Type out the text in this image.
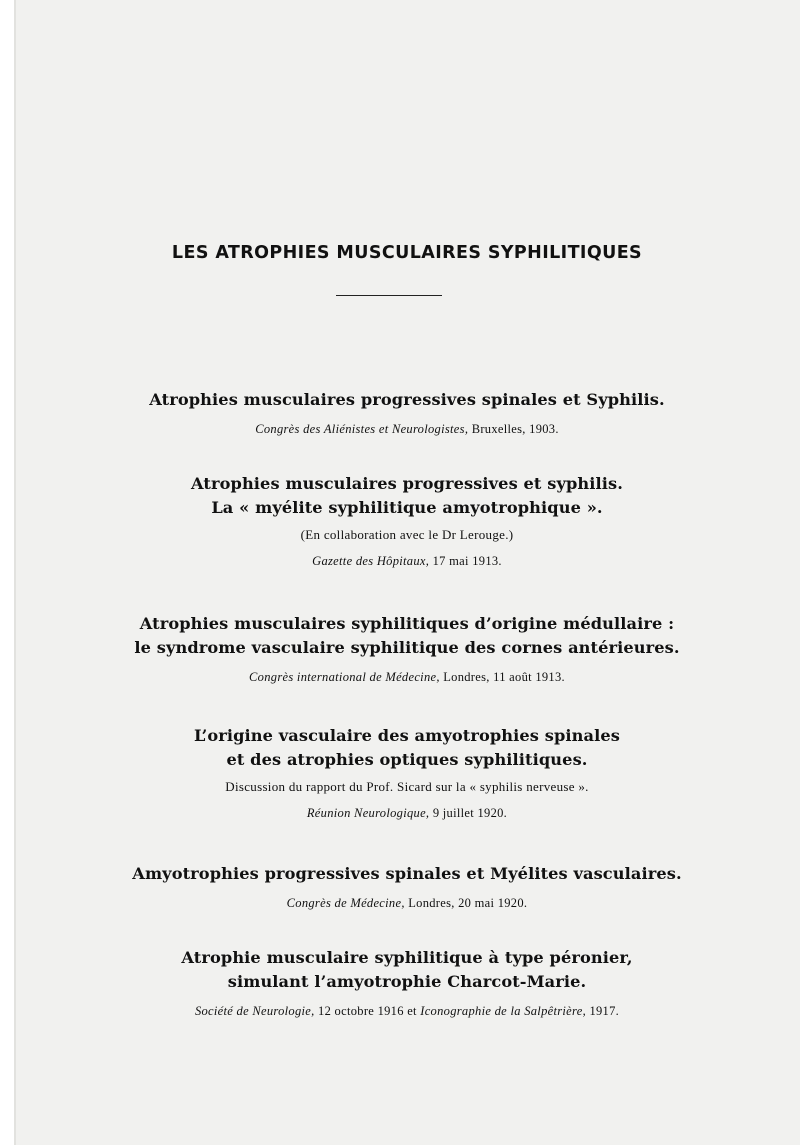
LES ATROPHIES MUSCULAIRES SYPHILITIQUES

Atrophies musculaires progressives spinales et Syphilis.

Congrès des Aliénistes et Neurologistes, Bruxelles, 1903.

Atrophies musculaires progressives et syphilis.
La « myélite syphilitique amyotrophique ».

(En collaboration avec le Dr Lerouge.)

Gazette des Hôpitaux, 17 mai 1913.

Atrophies musculaires syphilitiques d’origine médullaire :
le syndrome vasculaire syphilitique des cornes antérieures.

Congrès international de Médecine, Londres, 11 août 1913.

L’origine vasculaire des amyotrophies spinales
et des atrophies optiques syphilitiques.

Discussion du rapport du Prof. Sicard sur la « syphilis nerveuse ».

Réunion Neurologique, 9 juillet 1920.

Amyotrophies progressives spinales et Myélites vasculaires.

Congrès de Médecine, Londres, 20 mai 1920.

Atrophie musculaire syphilitique à type péronier,
simulant l’amyotrophie Charcot-Marie.

Société de Neurologie, 12 octobre 1916 et Iconographie de la Salpêtrière, 1917.
